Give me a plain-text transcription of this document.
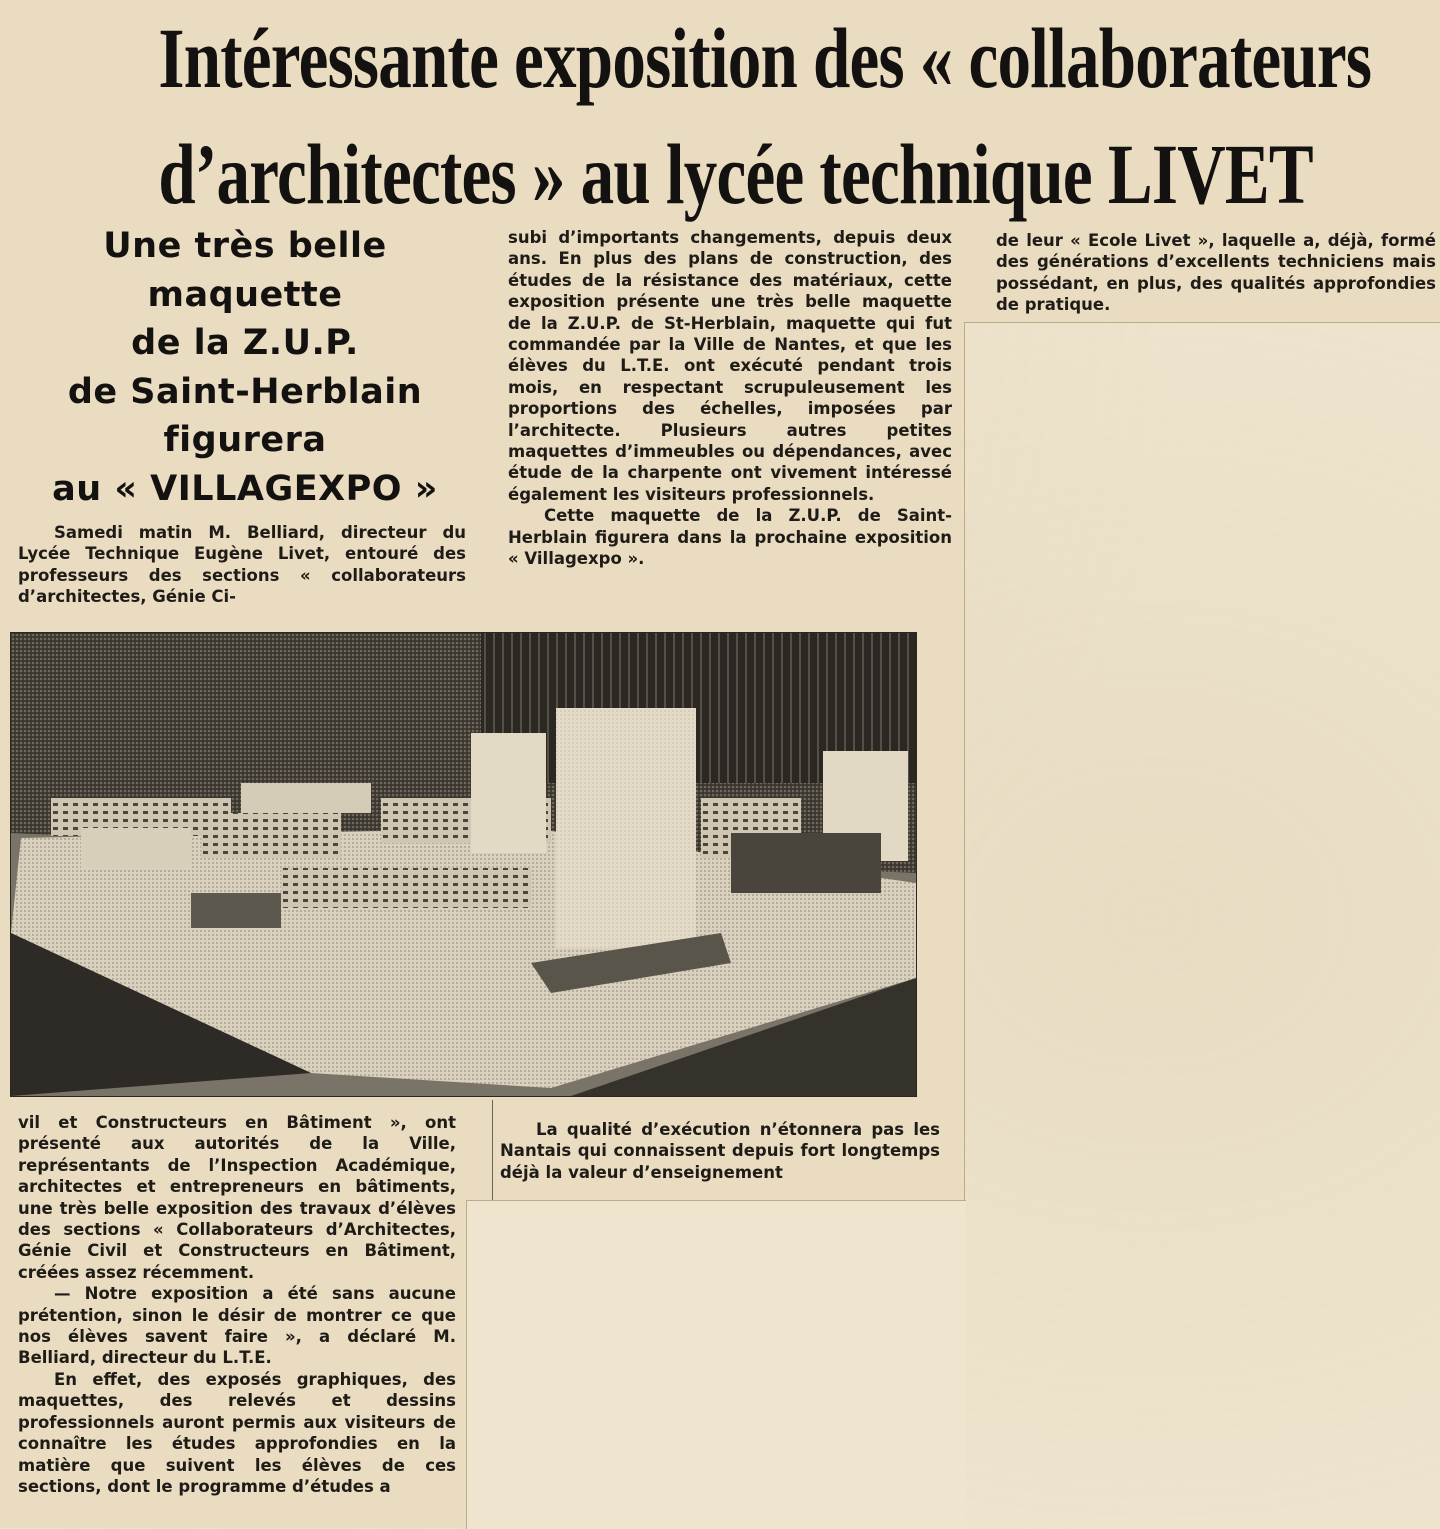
Intéressante exposition des « collaborateurs
d’architectes » au lycée technique LIVET
Une très belle
maquette
de la Z.U.P.
de Saint-Herblain
figurera
au « VILLAGEXPO »

Samedi matin M. Belliard, directeur du Lycée Technique Eugène Livet, entouré des professeurs des sections « collaborateurs d’architectes, Génie Ci-

subi d’importants changements, depuis deux ans. En plus des plans de construction, des études de la résistance des matériaux, cette exposition présente une très belle maquette de la Z.U.P. de St-Herblain, maquette qui fut commandée par la Ville de Nantes, et que les élèves du L.T.E. ont exécuté pendant trois mois, en respectant scrupuleusement les proportions des échelles, imposées par l’architecte. Plusieurs autres petites maquettes d’immeubles ou dépendances, avec étude de la charpente ont vivement intéressé également les visiteurs professionnels.

Cette maquette de la Z.U.P. de Saint-Herblain figurera dans la prochaine exposition « Villagexpo ».

de leur « Ecole Livet », laquelle a, déjà, formé des générations d’excellents techniciens mais possédant, en plus, des qualités approfondies de pratique.

vil et Constructeurs en Bâtiment », ont présenté aux autorités de la Ville, représentants de l’Inspection Académique, architectes et entrepreneurs en bâtiments, une très belle exposition des travaux d’élèves des sections « Collaborateurs d’Architectes, Génie Civil et Constructeurs en Bâtiment, créées assez récemment.

— Notre exposition a été sans aucune prétention, sinon le désir de montrer ce que nos élèves savent faire », a déclaré M. Belliard, directeur du L.T.E.

En effet, des exposés graphiques, des maquettes, des relevés et dessins professionnels auront permis aux visiteurs de connaître les études approfondies en la matière que suivent les élèves de ces sections, dont le programme d’études a

La qualité d’exécution n’étonnera pas les Nantais qui connaissent depuis fort longtemps déjà la valeur d’enseignement
